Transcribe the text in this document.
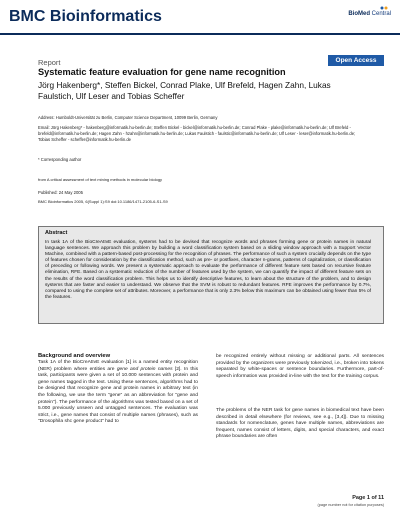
BMC Bioinformatics	BioMed Central
Report	Open Access
Systematic feature evaluation for gene name recognition
Jörg Hakenberg*, Steffen Bickel, Conrad Plake, Ulf Brefeld, Hagen Zahn, Lukas Faulstich, Ulf Leser and Tobias Scheffer
Address: Humboldt-Universität zu Berlin, Computer Science Department, 10099 Berlin, Germany
Email: Jörg Hakenberg* - hakenberg@informatik.hu-berlin.de; Steffen Bickel - bickel@informatik.hu-berlin.de; Conrad Plake - plake@informatik.hu-berlin.de; Ulf Brefeld - brefeld@informatik.hu-berlin.de; Hagen Zahn - hzahn@informatik.hu-berlin.de; Lukas Faulstich - faulstic@informatik.hu-berlin.de; Ulf Leser - leser@informatik.hu-berlin.de; Tobias Scheffer - scheffer@informatik.hu-berlin.de
* Corresponding author
from A critical assessment of text mining methods in molecular biology
Published: 24 May 2005
BMC Bioinformatics 2005, 6(Suppl 1):S9 doi:10.1186/1471-2105-6-S1-S9
Abstract
In task 1A of the BioCreAtIvE evaluation, systems had to be devised that recognize words and phrases forming gene or protein names in natural language sentences. We approach this problem by building a word classification system based on a sliding window approach with a Support Vector Machine, combined with a pattern-based post-processing for the recognition of phrases. The performance of such a system crucially depends on the type of features chosen for consideration by the classification method, such as pre- or postfixes, character n-grams, patterns of capitalization, or classification of preceding or following words. We present a systematic approach to evaluate the performance of different feature sets based on recursive feature elimination, RFE. Based on a systematic reduction of the number of features used by the system, we can quantify the impact of different feature sets on the results of the word classification problem. This helps us to identify descriptive features, to learn about the structure of the problem, and to design systems that are faster and easier to understand. We observe that the SVM is robust to redundant features. RFE improves the performance by 0.7%, compared to using the complete set of attributes. Moreover, a performance that is only 2.3% below this maximum can be obtained using fewer than 5% of the features.
Background and overview
Task 1A of the BioCreAtIvE evaluation [1] is a named entity recognition (NER) problem where entities are gene and protein names [2]. In this task, participants were given a set of 10.000 sentences with protein and gene names tagged in the text. Using these sentences, algorithms had to be designed that recognize gene and protein names in arbitrary text (in the following, we use the term "gene" as an abbreviation for "gene and protein"). The performance of the algorithms was tested based on a set of 5.000 previously unseen and untagged sentences. The evaluation was strict, i.e., gene names that consist of multiple names (phrases), such as "Drosophila shc gene product" had to
be recognized entirely without missing or additional parts. All sentences provided by the organizers were previously tokenized, i.e., broken into tokens separated by white-spaces or sentence boundaries. Furthermore, part-of-speech information was provided in-line with the text for the training corpus.
The problems of the NER task for gene names in biomedical text have been described in detail elsewhere (for reviews, see e.g., [3,4]). Due to missing standards for nomenclature, genes have multiple names, abbreviations are frequent, names consist of letters, digits, and special characters, and exact phrase boundaries are often
Page 1 of 11
(page number not for citation purposes)
